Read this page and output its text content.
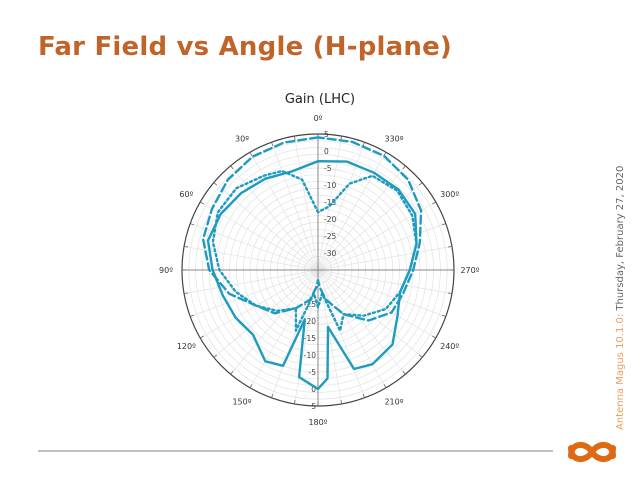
Far Field vs Angle (H-plane)
Gain (LHC)
0º
30º
60º
90º
120º
150º
180º
210º
240º
270º
300º
330º
5
0
-5
-10
-15
-20
-25
-30
-15
-20
-25
-10
-5
0
5	Antenna Magus 10.1.0: Thursday, February 27, 2020
